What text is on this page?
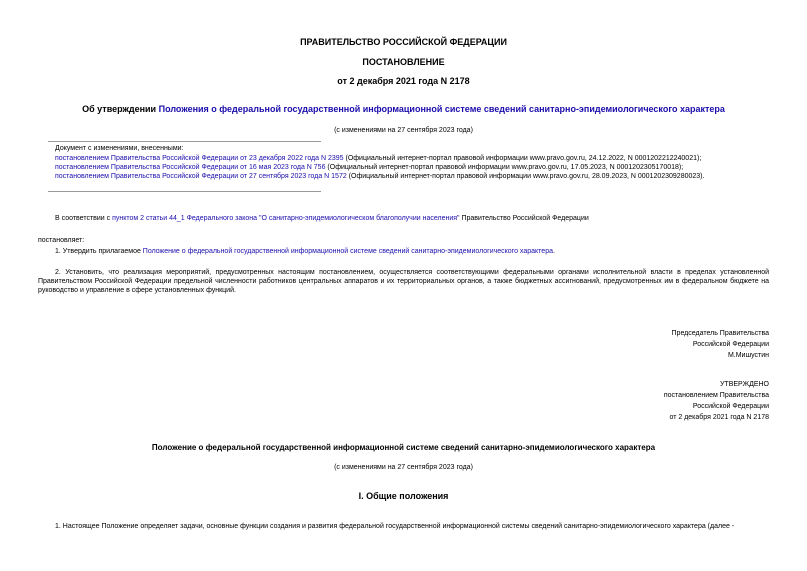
ПРАВИТЕЛЬСТВО РОССИЙСКОЙ ФЕДЕРАЦИИ
ПОСТАНОВЛЕНИЕ
от 2 декабря 2021 года N 2178
Об утверждении Положения о федеральной государственной информационной системе сведений санитарно-эпидемиологического характера
(с изменениями на 27 сентября 2023 года)
Документ с изменениями, внесенными:
постановлением Правительства Российской Федерации от 23 декабря 2022 года N 2395 (Официальный интернет-портал правовой информации www.pravo.gov.ru, 24.12.2022, N 0001202212240021);
постановлением Правительства Российской Федерации от 16 мая 2023 года N 756 (Официальный интернет-портал правовой информации www.pravo.gov.ru, 17.05.2023, N 0001202305170018);
постановлением Правительства Российской Федерации от 27 сентября 2023 года N 1572 (Официальный интернет-портал правовой информации www.pravo.gov.ru, 28.09.2023, N 0001202309280023).
В соответствии с пунктом 2 статьи 44_1 Федерального закона "О санитарно-эпидемиологическом благополучии населения" Правительство Российской Федерации
постановляет:
1. Утвердить прилагаемое Положение о федеральной государственной информационной системе сведений санитарно-эпидемиологического характера.
2. Установить, что реализация мероприятий, предусмотренных настоящим постановлением, осуществляется соответствующими федеральными органами исполнительной власти в пределах установленной Правительством Российской Федерации предельной численности работников центральных аппаратов и их территориальных органов, а также бюджетных ассигнований, предусмотренных им в федеральном бюджете на руководство и управление в сфере установленных функций.
Председатель Правительства
Российской Федерации
М.Мишустин
УТВЕРЖДЕНО
постановлением Правительства
Российской Федерации
от 2 декабря 2021 года N 2178
Положение о федеральной государственной информационной системе сведений санитарно-эпидемиологического характера
(с изменениями на 27 сентября 2023 года)
I. Общие положения
1. Настоящее Положение определяет задачи, основные функции создания и развития федеральной государственной информационной системы сведений санитарно-эпидемиологического характера (далее -
